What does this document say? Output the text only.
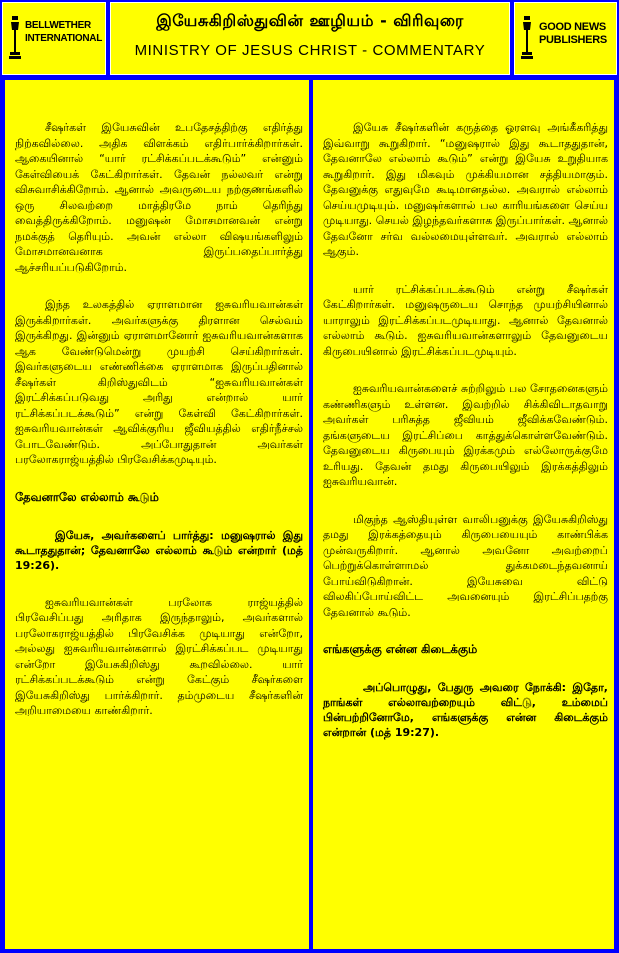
BELLWETHER
INTERNATIONAL
இயேசுகிறிஸ்துவின் ஊழியம் - விரிவுரை
MINISTRY OF JESUS CHRIST - COMMENTARY
GOOD NEWS
PUBLISHERS

சீஷர்கள் இயேசுவின் உபதேசத்திற்கு எதிர்த்து நிற்கவில்லை. அதிக விளக்கம் எதிர்பார்க்கிறார்கள். ஆகையினால் “யார் ரட்சிக்கப்படக்கூடும்” என்னும் கேள்வியைக் கேட்கிறார்கள். தேவன் நல்லவர் என்று விசுவாசிக்கிறோம். ஆனால் அவருடைய நற்குணங்களில் ஒரு சிலவற்றை மாத்திரமே நாம் தெரிந்து வைத்திருக்கிறோம். மனுஷன் மோசமானவன் என்று நமக்குத் தெரியும். அவன் எல்லா விஷயங்களிலும் மோசமானவனாக இருப்பதைப்பார்த்து ஆச்சரியப்படுகிறோம்.

இந்த உலகத்தில் ஏராளமான ஐசுவரியவான்கள் இருக்கிறார்கள். அவர்களுக்கு திரளான செல்வம் இருக்கிறது. இன்னும் ஏராளமானோர் ஐசுவரியவான்களாக ஆக வேண்டுமென்று முயற்சி செய்கிறார்கள். இவர்களுடைய எண்ணிக்கை ஏராளமாக இருப்பதினால் சீஷர்கள் கிறிஸ்துவிடம் “ஐசுவரியவான்கள் இரட்சிக்கப்படுவது அரிது என்றால் யார் ரட்சிக்கப்படக்கூடும்” என்று கேள்வி கேட்கிறார்கள். ஐசுவரியவான்கள் ஆவிக்குரிய ஜீவியத்தில் எதிர்நீச்சல் போடவேண்டும். அப்போதுதான் அவர்கள் பரலோகராஜ்யத்தில் பிரவேசிக்கமுடியும்.

தேவனாலே எல்லாம் கூடும்

இயேசு, அவர்களைப் பார்த்து: மனுஷரால் இது கூடாததுதான்; தேவனாலே எல்லாம் கூடும் என்றார் (மத் 19:26).

ஐசுவரியவான்கள் பரலோக ராஜ்யத்தில் பிரவேசிப்பது அரிதாக இருந்தாலும், அவர்களால் பரலோகராஜ்யத்தில் பிரவேசிக்க முடியாது என்றோ, அல்லது ஐசுவரியவான்களால் இரட்சிக்கப்பட முடியாது என்றோ இயேசுகிறிஸ்து கூறவில்லை. யார் ரட்சிக்கப்படக்கூடும் என்று கேட்கும் சீஷர்களை இயேசுகிறிஸ்து பார்க்கிறார். தம்முடைய சீஷர்களின் அறியாமையை காண்கிறார்.

இயேசு சீஷர்களின் கருத்தை ஓரளவு அங்கீகரித்து இவ்வாறு கூறுகிறார். “மனுஷரால் இது கூடாததுதான், தேவனாலே எல்லாம் கூடும்” என்று இயேசு உறுதியாக கூறுகிறார். இது மிகவும் முக்கியமான சத்தியமாகும். தேவனுக்கு எதுவுமே கூடிமானதல்ல. அவரால் எல்லாம் செய்யமுடியும். மனுஷர்களால் பல காரியங்களை செய்ய முடியாது. செயல் இழந்தவர்களாக இருப்பார்கள். ஆனால் தேவனோ சர்வ வல்லமையுள்ளவர். அவரால் எல்லாம் ஆகும்.

யார் ரட்சிக்கப்படக்கூடும் என்று சீஷர்கள் கேட்கிறார்கள். மனுஷருடைய சொந்த முயற்சியினால் யாராலும் இரட்சிக்கப்படமுடியாது. ஆனால் தேவனால் எல்லாம் கூடும். ஐசுவரியவான்களாலும் தேவனுடைய கிருபையினால் இரட்சிக்கப்படமுடியும்.

ஐசுவரியவான்களைச் சுற்றிலும் பல சோதனைகளும் கண்ணிகளும் உள்ளன. இவற்றில் சிக்கிவிடாதவாறு அவர்கள் பரிசுத்த ஜீவியம் ஜீவிக்கவேண்டும். தங்களுடைய இரட்சிப்பை காத்துக்கொள்ளவேண்டும். தேவனுடைய கிருபையும் இரக்கமும் எல்லோருக்குமே உரியது. தேவன் தமது கிருபையிலும் இரக்கத்திலும் ஐசுவரியவான்.

மிகுந்த ஆஸ்தியுள்ள வாலிபனுக்கு இயேசுகிறிஸ்து தமது இரக்கத்தையும் கிருபையையும் காண்பிக்க முன்வருகிறார். ஆனால் அவனோ அவற்றைப் பெற்றுக்கொள்ளாமல் துக்கமடைந்தவனாய் போய்விடுகிறான். இயேசுவை விட்டு விலகிப்போய்விட்ட அவனையும் இரட்சிப்பதற்கு தேவனால் கூடும்.

எங்களுக்கு என்ன கிடைக்கும்

அப்பொழுது, பேதுரு அவரை நோக்கி: இதோ, நாங்கள் எல்லாவற்றையும் விட்டு, உம்மைப் பின்பற்றினோமே, எங்களுக்கு என்ன கிடைக்கும் என்றான் (மத் 19:27).
